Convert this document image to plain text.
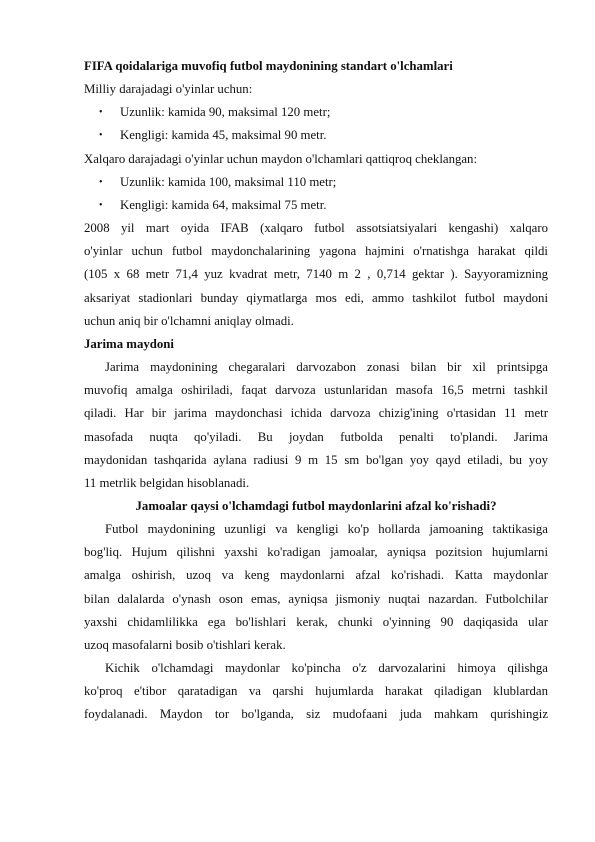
FIFA qoidalariga muvofiq futbol maydonining standart o'lchamlari
Milliy darajadagi o'yinlar uchun:
• Uzunlik: kamida 90, maksimal 120 metr;
• Kengligi: kamida 45, maksimal 90 metr.
Xalqaro darajadagi o'yinlar uchun maydon o'lchamlari qattiqroq cheklangan:
• Uzunlik: kamida 100, maksimal 110 metr;
• Kengligi: kamida 64, maksimal 75 metr.
2008 yil mart oyida IFAB (xalqaro futbol assotsiatsiyalari kengashi) xalqaro
o'yinlar uchun futbol maydonchalarining yagona hajmini o'rnatishga harakat qildi
(105 x 68 metr 71,4 yuz kvadrat metr, 7140 m 2 , 0,714 gektar ). Sayyoramizning
aksariyat stadionlari bunday qiymatlarga mos edi, ammo tashkilot futbol maydoni
uchun aniq bir o'lchamni aniqlay olmadi.
Jarima maydoni
Jarima maydonining chegaralari darvozabon zonasi bilan bir xil printsipga
muvofiq amalga oshiriladi, faqat darvoza ustunlaridan masofa 16,5 metrni tashkil
qiladi. Har bir jarima maydonchasi ichida darvoza chizig'ining o'rtasidan 11 metr
masofada nuqta qo'yiladi. Bu joydan futbolda penalti to'plandi. Jarima
maydonidan tashqarida aylana radiusi 9 m 15 sm bo'lgan yoy qayd etiladi, bu yoy
11 metrlik belgidan hisoblanadi.
Jamoalar qaysi o'lchamdagi futbol maydonlarini afzal ko'rishadi?
Futbol maydonining uzunligi va kengligi ko'p hollarda jamoaning taktikasiga
bog'liq. Hujum qilishni yaxshi ko'radigan jamoalar, ayniqsa pozitsion hujumlarni
amalga oshirish, uzoq va keng maydonlarni afzal ko'rishadi. Katta maydonlar
bilan dalalarda o'ynash oson emas, ayniqsa jismoniy nuqtai nazardan. Futbolchilar
yaxshi chidamlilikka ega bo'lishlari kerak, chunki o'yinning 90 daqiqasida ular
uzoq masofalarni bosib o'tishlari kerak.
Kichik o'lchamdagi maydonlar ko'pincha o'z darvozalarini himoya qilishga
ko'proq e'tibor qaratadigan va qarshi hujumlarda harakat qiladigan klublardan
foydalanadi. Maydon tor bo'lganda, siz mudofaani juda mahkam qurishingiz
